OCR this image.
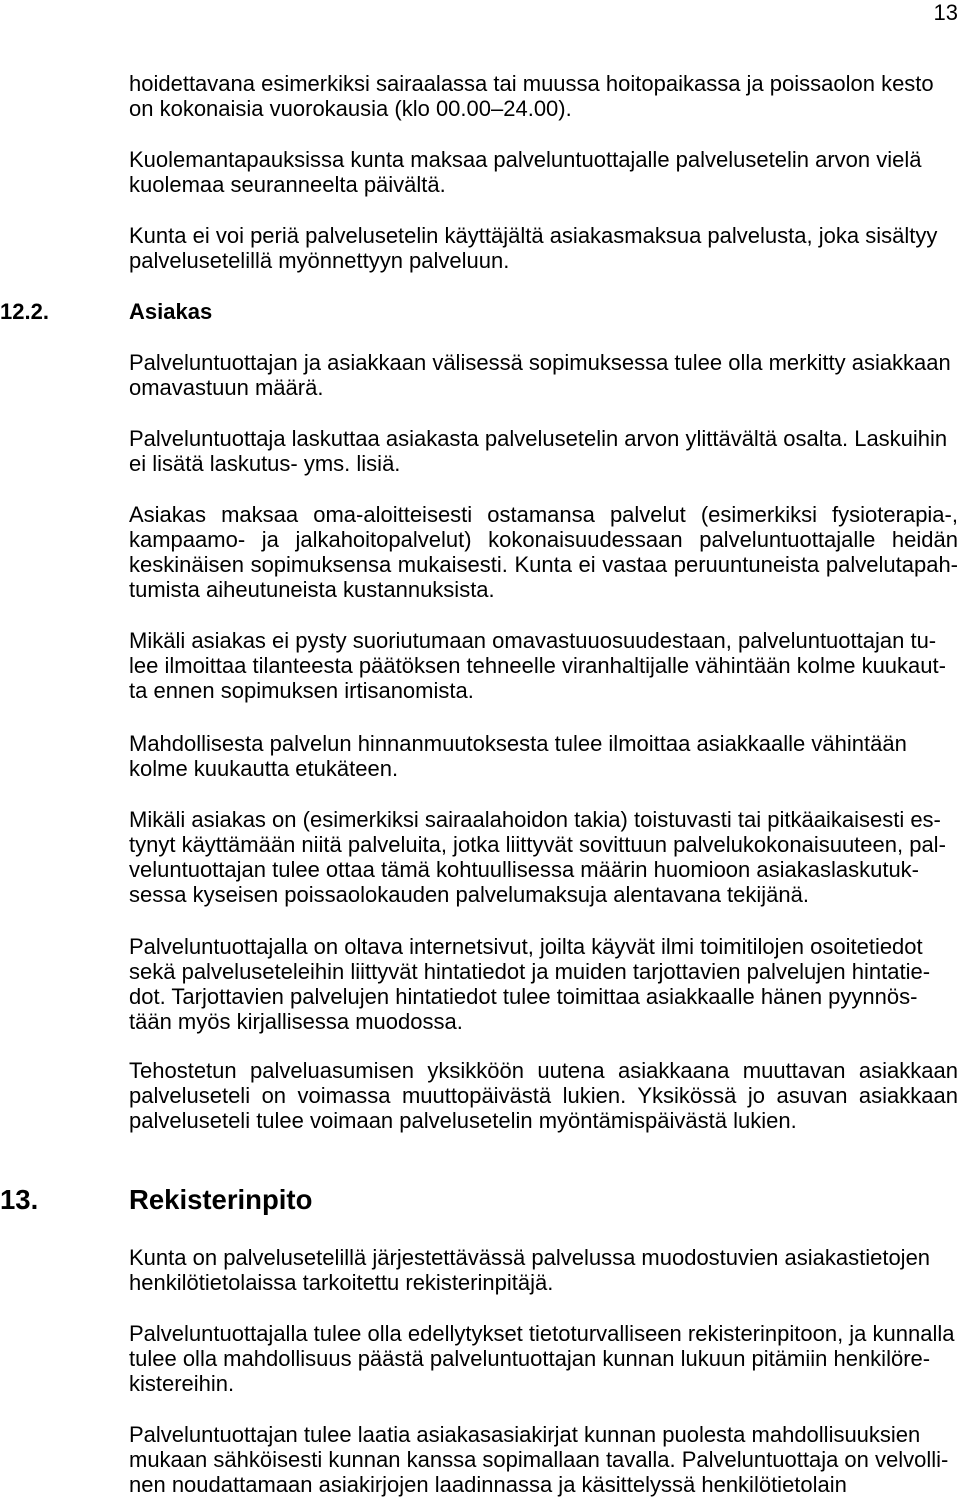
13
hoidettavana esimerkiksi sairaalassa tai muussa hoitopaikassa ja poissaolon kesto
on kokonaisia vuorokausia (klo 00.00–24.00).
Kuolemantapauksissa kunta maksaa palveluntuottajalle palvelusetelin arvon vielä
kuolemaa seuranneelta päivältä.
Kunta ei voi periä palvelusetelin käyttäjältä asiakasmaksua palvelusta, joka sisältyy
palvelusetelillä myönnettyyn palveluun.
12.2.	Asiakas
Palveluntuottajan ja asiakkaan välisessä sopimuksessa tulee olla merkitty asiakkaan
omavastuun määrä.
Palveluntuottaja laskuttaa asiakasta palvelusetelin arvon ylittävältä osalta. Laskuihin
ei lisätä laskutus- yms. lisiä.
Asiakas maksaa oma-aloitteisesti ostamansa palvelut (esimerkiksi fysioterapia-,
kampaamo- ja jalkahoitopalvelut) kokonaisuudessaan palveluntuottajalle heidän
keskinäisen sopimuksensa mukaisesti. Kunta ei vastaa peruuntuneista palvelutapah-
tumista aiheutuneista kustannuksista.
Mikäli asiakas ei pysty suoriutumaan omavastuuosuudestaan, palveluntuottajan tu-
lee ilmoittaa tilanteesta päätöksen tehneelle viranhaltijalle vähintään kolme kuukaut-
ta ennen sopimuksen irtisanomista.
Mahdollisesta palvelun hinnanmuutoksesta tulee ilmoittaa asiakkaalle vähintään
kolme kuukautta etukäteen.
Mikäli asiakas on (esimerkiksi sairaalahoidon takia) toistuvasti tai pitkäaikaisesti es-
tynyt käyttämään niitä palveluita, jotka liittyvät sovittuun palvelukokonaisuuteen, pal-
veluntuottajan tulee ottaa tämä kohtuullisessa määrin huomioon asiakaslaskutuk-
sessa kyseisen poissaolokauden palvelumaksuja alentavana tekijänä.
Palveluntuottajalla on oltava internetsivut, joilta käyvät ilmi toimitilojen osoitetiedot
sekä palveluseteleihin liittyvät hintatiedot ja muiden tarjottavien palvelujen hintatie-
dot. Tarjottavien palvelujen hintatiedot tulee toimittaa asiakkaalle hänen pyynnös-
tään myös kirjallisessa muodossa.
Tehostetun palveluasumisen yksikköön uutena asiakkaana muuttavan asiakkaan
palveluseteli on voimassa muuttopäivästä lukien. Yksikössä jo asuvan asiakkaan
palveluseteli tulee voimaan palvelusetelin myöntämispäivästä lukien.
13.	Rekisterinpito
Kunta on palvelusetelillä järjestettävässä palvelussa muodostuvien asiakastietojen
henkilötietolaissa tarkoitettu rekisterinpitäjä.
Palveluntuottajalla tulee olla edellytykset tietoturvalliseen rekisterinpitoon, ja kunnalla
tulee olla mahdollisuus päästä palveluntuottajan kunnan lukuun pitämiin henkilöre-
kistereihin.
Palveluntuottajan tulee laatia asiakasasiakirjat kunnan puolesta mahdollisuuksien
mukaan sähköisesti kunnan kanssa sopimallaan tavalla. Palveluntuottaja on velvolli-
nen noudattamaan asiakirjojen laadinnassa ja käsittelyssä henkilötietolain
